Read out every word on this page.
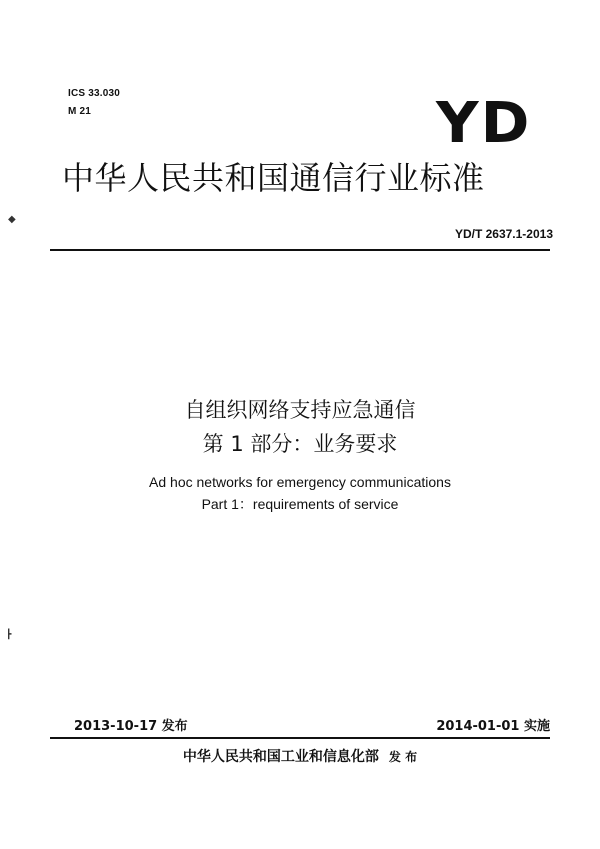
ICS 33.030
M 21	YD
中华人民共和国通信行业标准
YD/T 2637.1-2013
自组织网络支持应急通信
第 1 部分：业务要求
Ad hoc networks for emergency communications
Part 1：requirements of service
2013-10-17 发布	2014-01-01 实施
中华人民共和国工业和信息化部 发 布
◆
┣
